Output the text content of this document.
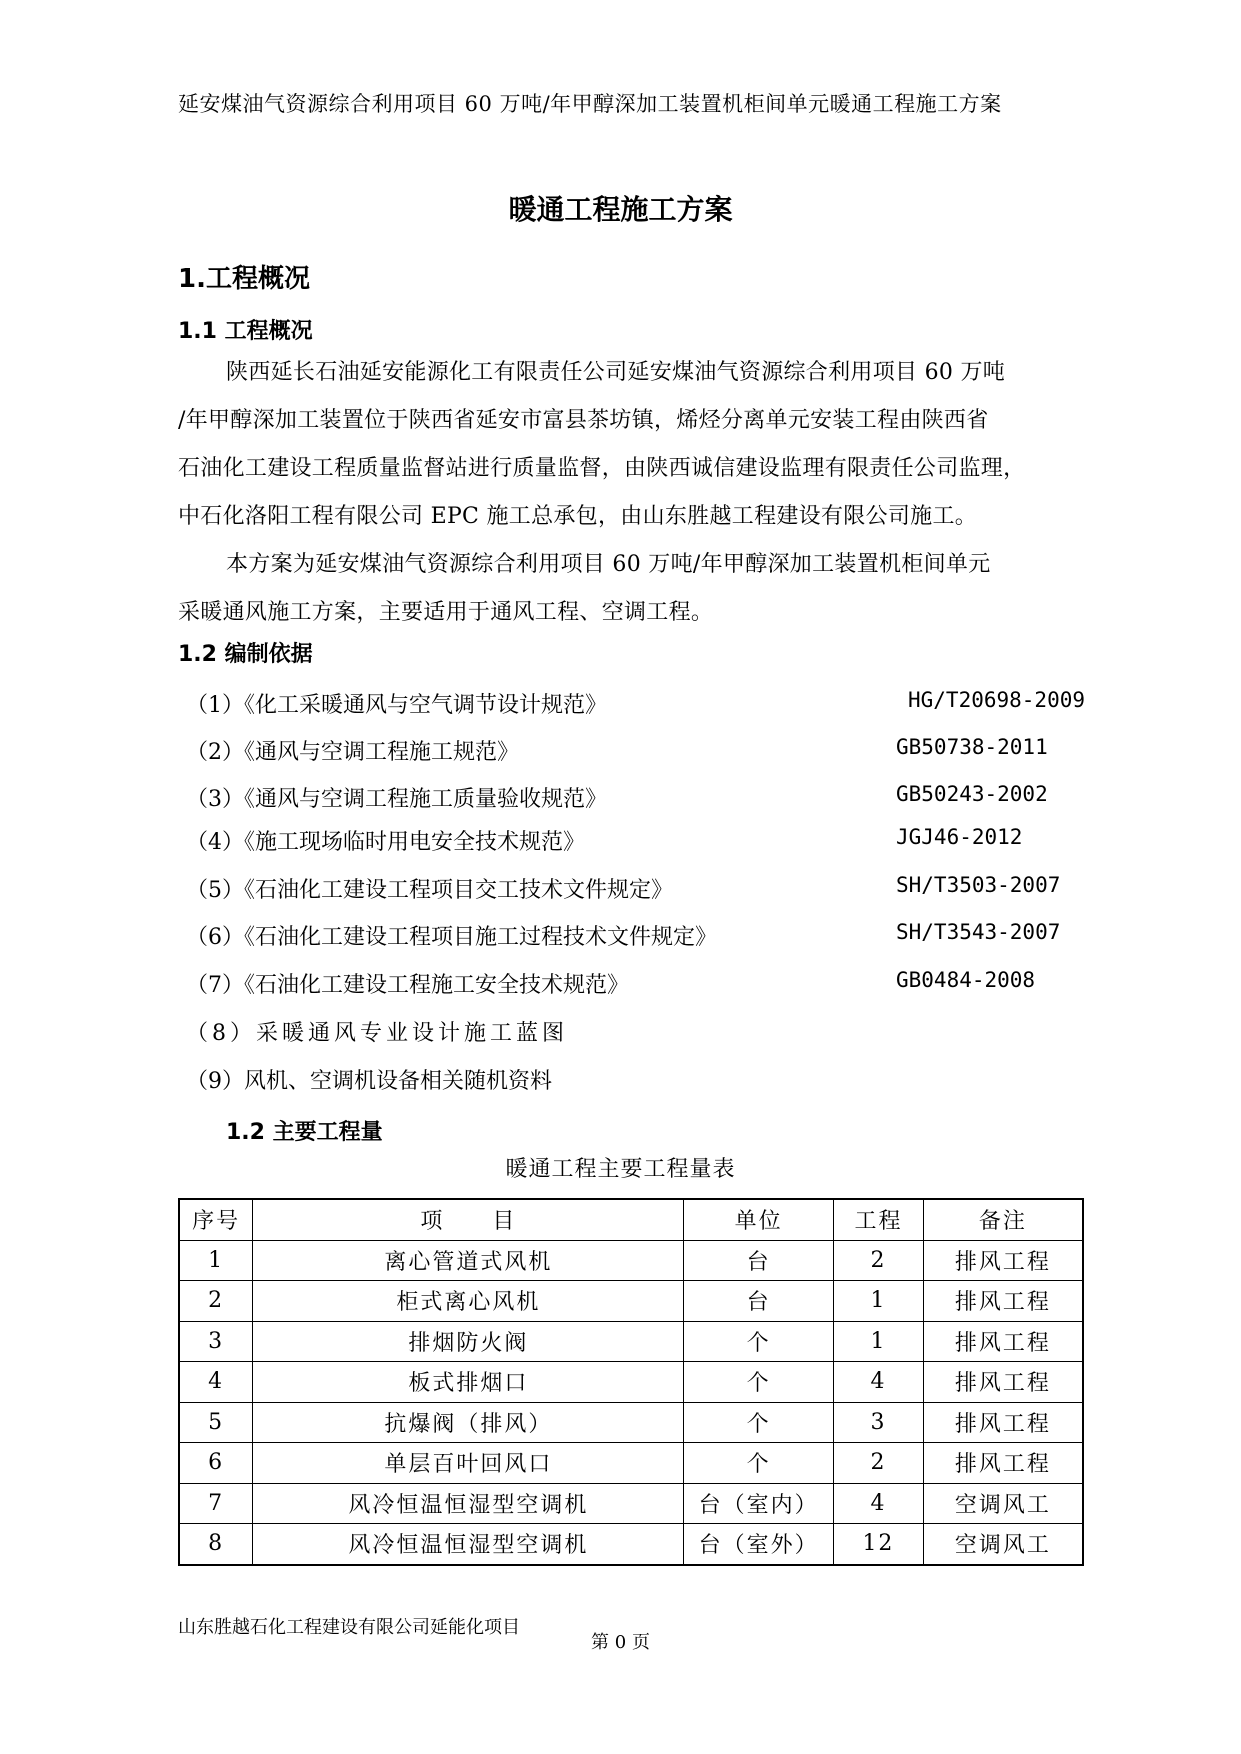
延安煤油气资源综合利用项目 60 万吨/年甲醇深加工装置机柜间单元暖通工程施工方案
暖通工程施工方案
1.工程概况
1.1 工程概况
陕西延长石油延安能源化工有限责任公司延安煤油气资源综合利用项目 60 万吨
/年甲醇深加工装置位于陕西省延安市富县茶坊镇，烯烃分离单元安装工程由陕西省
石油化工建设工程质量监督站进行质量监督，由陕西诚信建设监理有限责任公司监理，
中石化洛阳工程有限公司 EPC 施工总承包，由山东胜越工程建设有限公司施工。
本方案为延安煤油气资源综合利用项目 60 万吨/年甲醇深加工装置机柜间单元
采暖通风施工方案，主要适用于通风工程、空调工程。
1.2 编制依据
（1）《化工采暖通风与空气调节设计规范》	HG/T20698-2009
（2）《通风与空调工程施工规范》	GB50738-2011
（3）《通风与空调工程施工质量验收规范》	GB50243-2002
（4）《施工现场临时用电安全技术规范》	JGJ46-2012
（5）《石油化工建设工程项目交工技术文件规定》	SH/T3503-2007
（6）《石油化工建设工程项目施工过程技术文件规定》	SH/T3543-2007
（7）《石油化工建设工程施工安全技术规范》	GB0484-2008
（8）采暖通风专业设计施工蓝图
（9）风机、空调机设备相关随机资料
1.2 主要工程量
暖通工程主要工程量表
序号	项　　目	单位	工程	备注
1	离心管道式风机	台	2	排风工程
2	柜式离心风机	台	1	排风工程
3	排烟防火阀	个	1	排风工程
4	板式排烟口	个	4	排风工程
5	抗爆阀（排风）	个	3	排风工程
6	单层百叶回风口	个	2	排风工程
7	风冷恒温恒湿型空调机	台（室内）	4	空调风工
8	风冷恒温恒湿型空调机	台（室外）	12	空调风工
山东胜越石化工程建设有限公司延能化项目
第 0 页
